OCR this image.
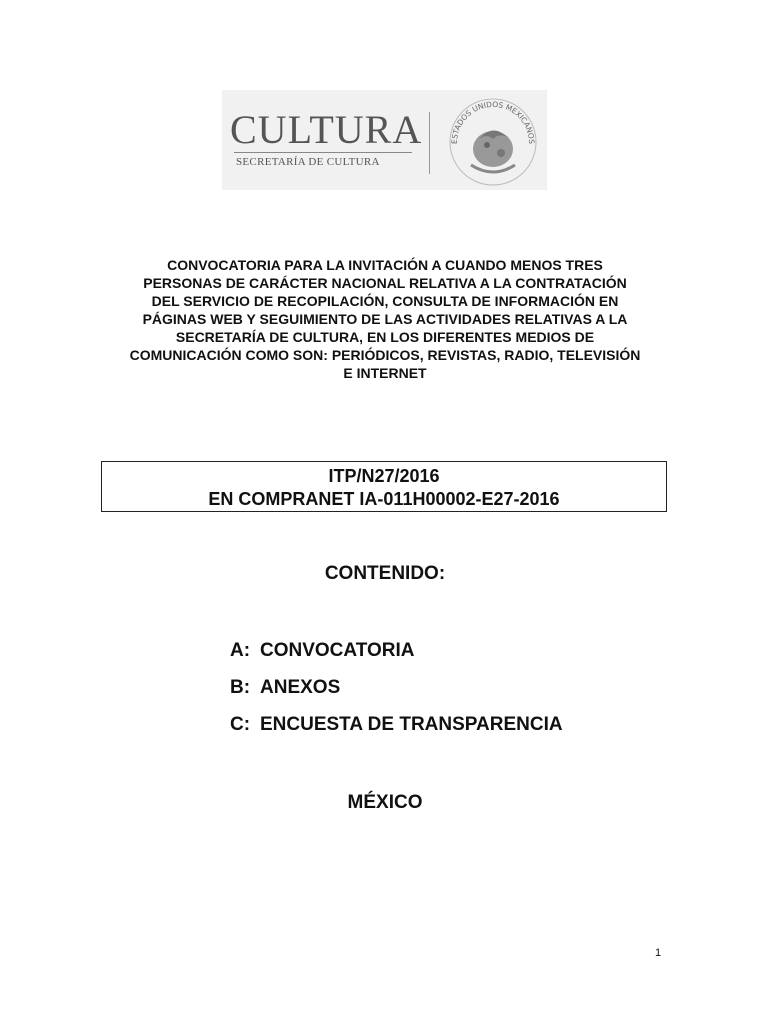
CULTURA
SECRETARÍA DE CULTURA
ESTADOS UNIDOS MEXICANOS
CONVOCATORIA PARA LA INVITACIÓN A CUANDO MENOS TRES
PERSONAS DE CARÁCTER NACIONAL RELATIVA A LA CONTRATACIÓN
DEL SERVICIO DE RECOPILACIÓN, CONSULTA DE INFORMACIÓN EN
PÁGINAS WEB Y SEGUIMIENTO DE LAS ACTIVIDADES RELATIVAS A LA
SECRETARÍA DE CULTURA, EN LOS DIFERENTES MEDIOS DE
COMUNICACIÓN COMO SON: PERIÓDICOS, REVISTAS, RADIO, TELEVISIÓN
E INTERNET
ITP/N27/2016
EN COMPRANET IA-011H00002-E27-2016
CONTENIDO:
A: CONVOCATORIA
B: ANEXOS
C: ENCUESTA DE TRANSPARENCIA
MÉXICO
1
